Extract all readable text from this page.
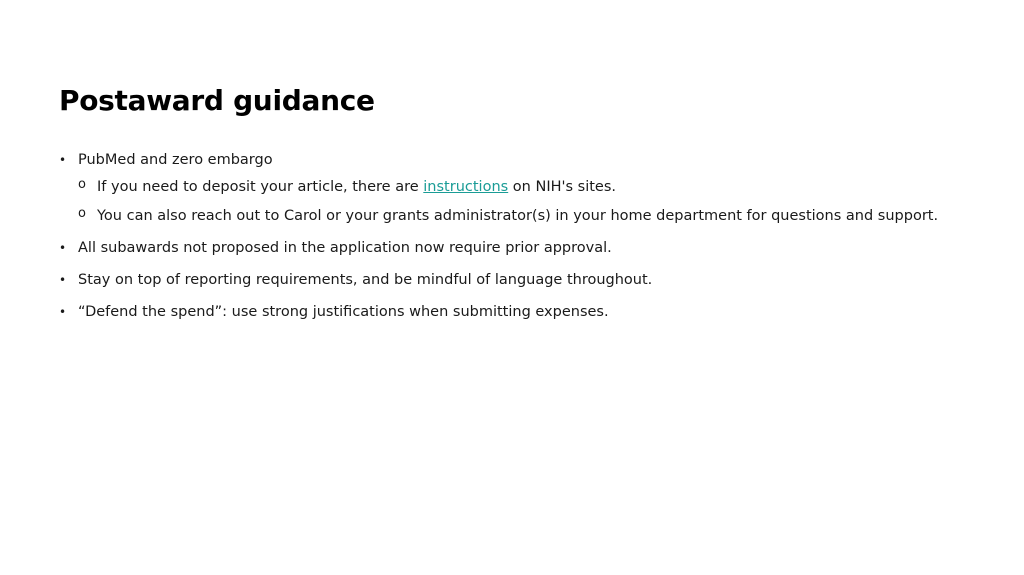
Postaward guidance
• PubMed and zero embargo
o If you need to deposit your article, there are instructions on NIH's sites.
o You can also reach out to Carol or your grants administrator(s) in your home department for questions and support.
• All subawards not proposed in the application now require prior approval.
• Stay on top of reporting requirements, and be mindful of language throughout.
• “Defend the spend”: use strong justifications when submitting expenses.
